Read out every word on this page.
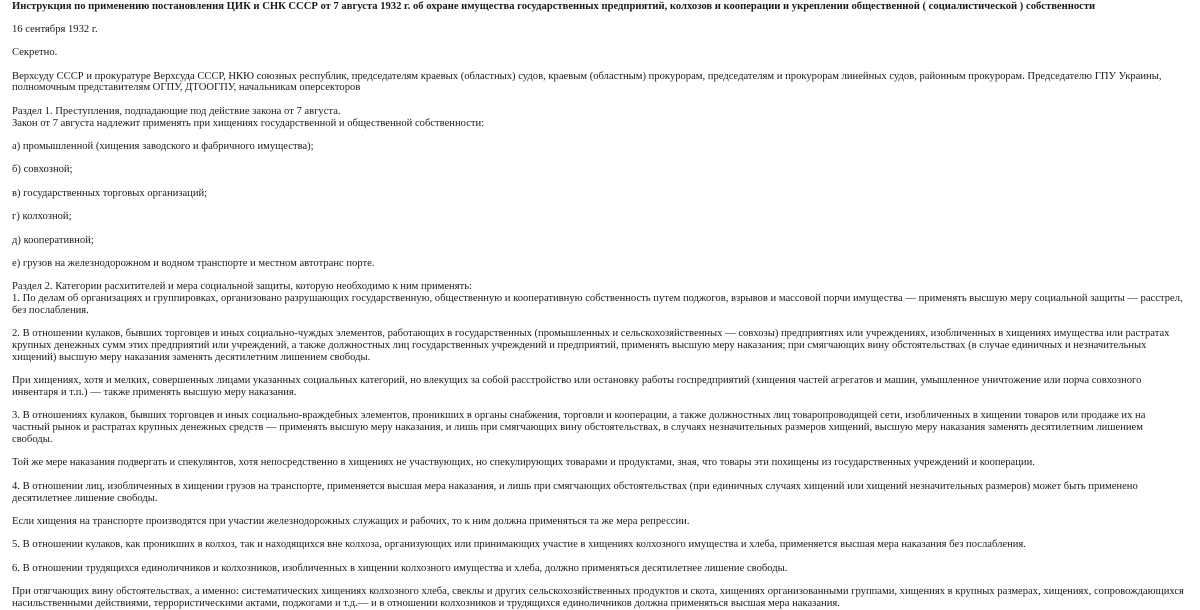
Инструкция по применению постановления ЦИК и СНК СССР от 7 августа 1932 г. об охране имущества государственных предприятий, колхозов и кооперации и укреплении общественной ( социалистической ) собственности

16 сентября 1932 г.

Секретно.

Верхсуду СССР и прокуратуре Верхсуда СССР, НКЮ союзных республик, председателям краевых (областных) судов, краевым (областным) прокурорам, председателям и прокурорам линейных судов, районным прокурорам. Председателю ГПУ Украины, полномочным представителям ОГПУ, ДТООГПУ, начальникам оперсекторов

Раздел 1. Преступления, подпадающие под действие закона от 7 августа.

Закон от 7 августа надлежит применять при хищениях государственной и общественной собственности:

а) промышленной (хищения заводского и фабричного имущества);

б) совхозной;

в) государственных торговых организаций;

г) колхозной;

д) кооперативной;

е) грузов на железнодорожном и водном транспорте и местном автотранс порте.

Раздел 2. Категории расхитителей и мера социальной защиты, которую необходимо к ним применять:

1. По делам об организациях и группировках, организовано разрушающих государственную, общественную и кооперативную собственность путем поджогов, взрывов и массовой порчи имущества — применять высшую меру социальной защиты — расстрел, без послабления.

2. В отношении кулаков, бывших торговцев и иных социально-чуждых элементов, работающих в государственных (промышленных и сельскохозяйственных — совхозы) предприятиях или учреждениях, изобличенных в хищениях имущества или растратах крупных денежных сумм этих предприятий или учреждений, а также должностных лиц государственных учреждений и предприятий, применять высшую меру наказания; при смягчающих вину обстоятельствах (в случае единичных и незначительных хищений) высшую меру наказания заменять десятилетним лишением свободы.

При хищениях, хотя и мелких, совершенных лицами указанных социальных категорий, но влекущих за собой расстройство или остановку работы госпредприятий (хищения частей агрегатов и машин, умышленное уничтожение или порча совхозного инвентаря и т.п.) — также применять высшую меру наказания.

3. В отношениях кулаков, бывших торговцев и иных социально-враждебных элементов, проникших в органы снабжения, торговли и кооперации, а также должностных лиц товаропроводящей сети, изобличенных в хищении товаров или продаже их на частный рынок и растратах крупных денежных средств — применять высшую меру наказания, и лишь при смягчающих вину обстоятельствах, в случаях незначительных размеров хищений, высшую меру наказания заменять десятилетним лишением свободы.

Той же мере наказания подвергать и спекулянтов, хотя непосредственно в хищениях не участвующих, но спекулирующих товарами и продуктами, зная, что товары эти похищены из государственных учреждений и кооперации.

4. В отношении лиц, изобличенных в хищении грузов на транспорте, применяется высшая мера наказания, и лишь при смягчающих обстоятельствах (при единичных случаях хищений или хищений незначительных размеров) может быть применено десятилетнее лишение свободы.

Если хищения на транспорте производятся при участии железнодорожных служащих и рабочих, то к ним должна применяться та же мера репрессии.

5. В отношении кулаков, как проникших в колхоз, так и находящихся вне колхоза, организующих или принимающих участие в хищениях колхозного имущества и хлеба, применяется высшая мера наказания без послабления.

6. В отношении трудящихся единоличников и колхозников, изобличенных в хищении колхозного имущества и хлеба, должно применяться десятилетнее лишение свободы.

При отягчающих вину обстоятельствах, а именно: систематических хищениях колхозного хлеба, свеклы и других сельскохозяйственных продуктов и скота, хищениях организованными группами, хищениях в крупных размерах, хищениях, сопровождающихся насильственными действиями, террористическими актами, поджогами и т.д.— и в отношении колхозников и трудящихся единоличников должна применяться высшая мера наказания.
